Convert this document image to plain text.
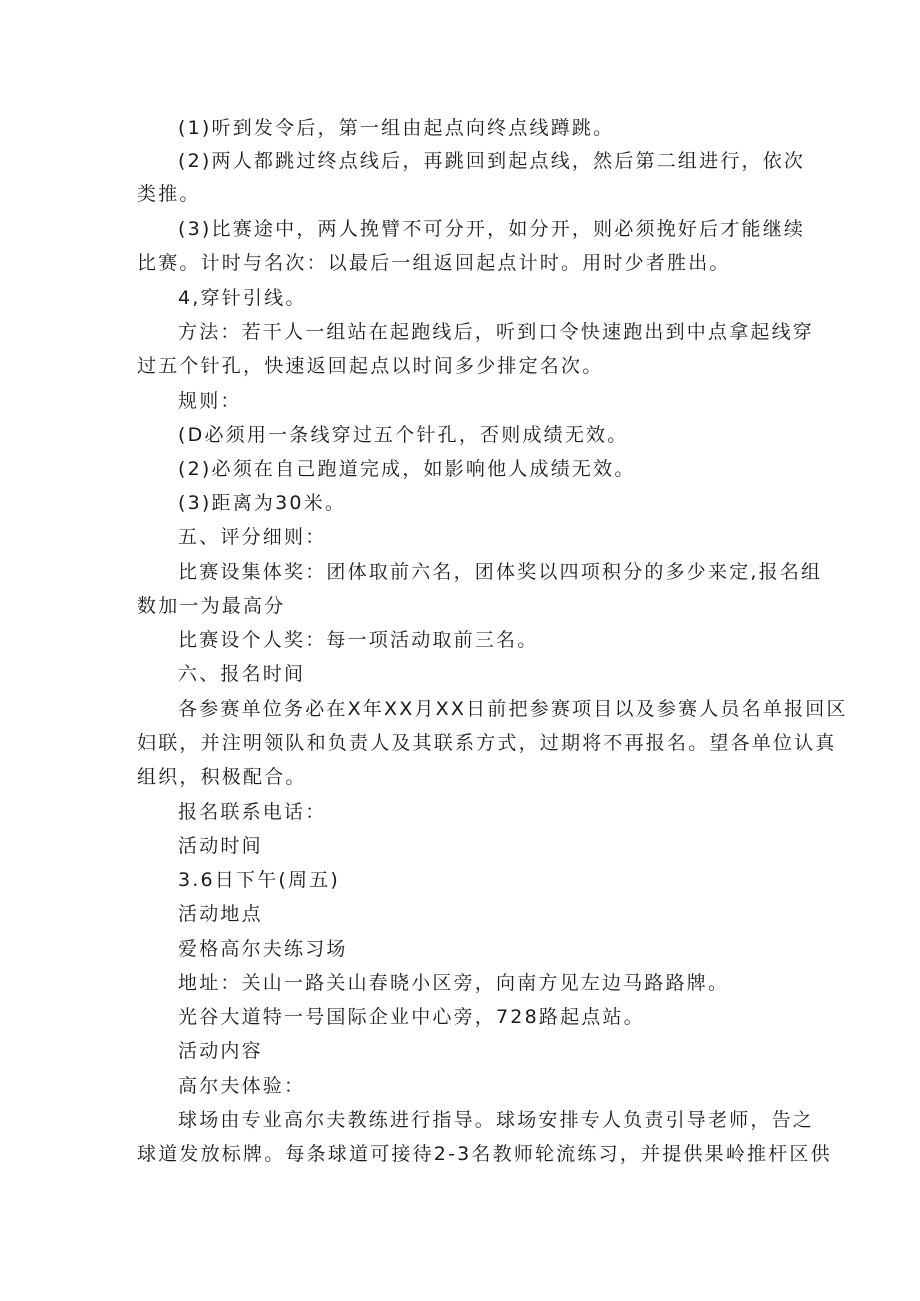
(1)听到发令后，第一组由起点向终点线蹲跳。
(2)两人都跳过终点线后，再跳回到起点线，然后第二组进行，依次
类推。
(3)比赛途中，两人挽臂不可分开，如分开，则必须挽好后才能继续
比赛。计时与名次：以最后一组返回起点计时。用时少者胜出。
4,穿针引线。
方法：若干人一组站在起跑线后，听到口令快速跑出到中点拿起线穿
过五个针孔，快速返回起点以时间多少排定名次。
规则：
(D必须用一条线穿过五个针孔，否则成绩无效。
(2)必须在自己跑道完成，如影响他人成绩无效。
(3)距离为30米。
五、评分细则：
比赛设集体奖：团体取前六名，团体奖以四项积分的多少来定,报名组
数加一为最高分
比赛设个人奖：每一项活动取前三名。
六、报名时间
各参赛单位务必在X年XX月XX日前把参赛项目以及参赛人员名单报回区
妇联，并注明领队和负责人及其联系方式，过期将不再报名。望各单位认真
组织，积极配合。
报名联系电话：
活动时间
3.6日下午(周五)
活动地点
爱格高尔夫练习场
地址：关山一路关山春晓小区旁，向南方见左边马路路牌。
光谷大道特一号国际企业中心旁，728路起点站。
活动内容
高尔夫体验：
球场由专业高尔夫教练进行指导。球场安排专人负责引导老师，告之
球道发放标牌。每条球道可接待2-3名教师轮流练习，并提供果岭推杆区供
